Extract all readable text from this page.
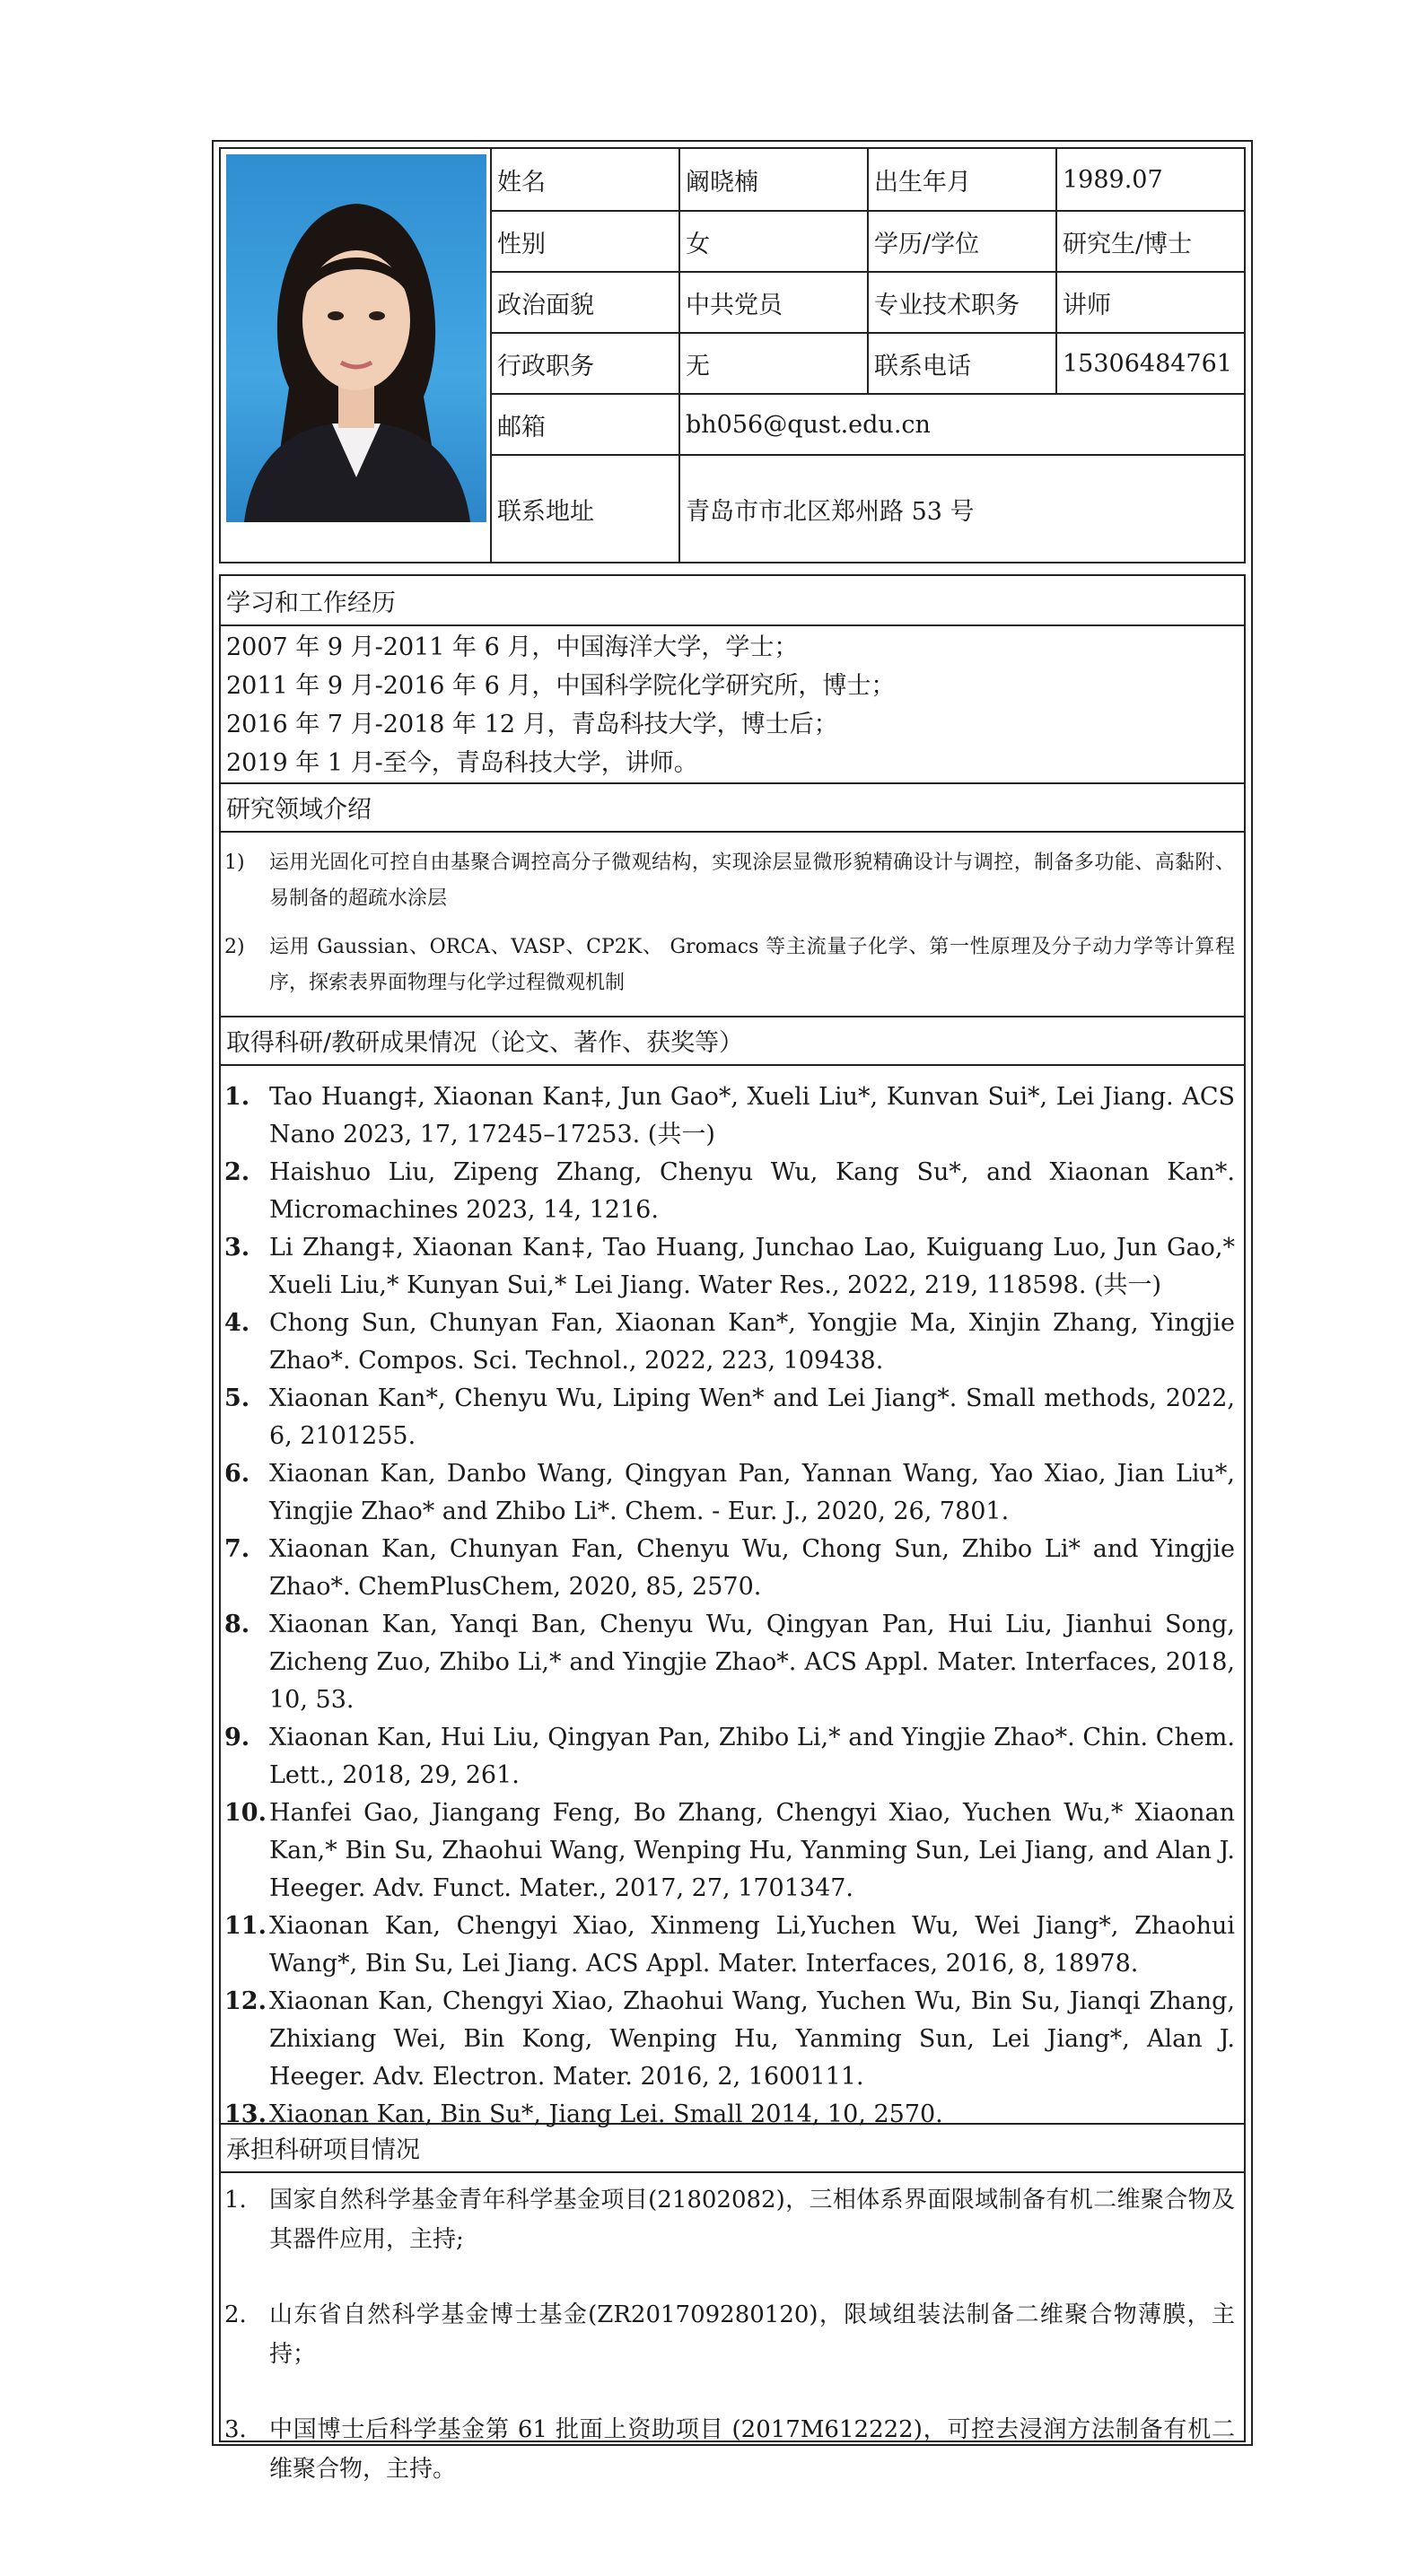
姓名	阚晓楠	出生年月	1989.07
性别	女	学历/学位	研究生/博士
政治面貌	中共党员	专业技术职务	讲师
行政职务	无	联系电话	15306484761
邮箱	bh056@qust.edu.cn
联系地址	青岛市市北区郑州路 53 号
学习和工作经历
2007 年 9 月-2011 年 6 月，中国海洋大学，学士；
2011 年 9 月-2016 年 6 月，中国科学院化学研究所，博士；
2016 年 7 月-2018 年 12 月，青岛科技大学，博士后；
2019 年 1 月-至今，青岛科技大学，讲师。
研究领域介绍
1) 运用光固化可控自由基聚合调控高分子微观结构，实现涂层显微形貌精确设计与调控，制备多功能、高黏附、易制备的超疏水涂层
2) 运用 Gaussian、ORCA、VASP、CP2K、 Gromacs 等主流量子化学、第一性原理及分子动力学等计算程序，探索表界面物理与化学过程微观机制
取得科研/教研成果情况（论文、著作、获奖等）
1. Tao Huang‡, Xiaonan Kan‡, Jun Gao*, Xueli Liu*, Kunvan Sui*, Lei Jiang. ACS Nano 2023, 17, 17245–17253. (共一)
2. Haishuo Liu, Zipeng Zhang, Chenyu Wu, Kang Su*, and Xiaonan Kan*. Micromachines 2023, 14, 1216.
3. Li Zhang‡, Xiaonan Kan‡, Tao Huang, Junchao Lao, Kuiguang Luo, Jun Gao,* Xueli Liu,* Kunyan Sui,* Lei Jiang. Water Res., 2022, 219, 118598. (共一)
4. Chong Sun, Chunyan Fan, Xiaonan Kan*, Yongjie Ma, Xinjin Zhang, Yingjie Zhao*. Compos. Sci. Technol., 2022, 223, 109438.
5. Xiaonan Kan*, Chenyu Wu, Liping Wen* and Lei Jiang*. Small methods, 2022, 6, 2101255.
6. Xiaonan Kan, Danbo Wang, Qingyan Pan, Yannan Wang, Yao Xiao, Jian Liu*, Yingjie Zhao* and Zhibo Li*. Chem. - Eur. J., 2020, 26, 7801.
7. Xiaonan Kan, Chunyan Fan, Chenyu Wu, Chong Sun, Zhibo Li* and Yingjie Zhao*. ChemPlusChem, 2020, 85, 2570.
8. Xiaonan Kan, Yanqi Ban, Chenyu Wu, Qingyan Pan, Hui Liu, Jianhui Song, Zicheng Zuo, Zhibo Li,* and Yingjie Zhao*. ACS Appl. Mater. Interfaces, 2018, 10, 53.
9. Xiaonan Kan, Hui Liu, Qingyan Pan, Zhibo Li,* and Yingjie Zhao*. Chin. Chem. Lett., 2018, 29, 261.
10. Hanfei Gao, Jiangang Feng, Bo Zhang, Chengyi Xiao, Yuchen Wu,* Xiaonan Kan,* Bin Su, Zhaohui Wang, Wenping Hu, Yanming Sun, Lei Jiang, and Alan J. Heeger. Adv. Funct. Mater., 2017, 27, 1701347.
11. Xiaonan Kan, Chengyi Xiao, Xinmeng Li,Yuchen Wu, Wei Jiang*, Zhaohui Wang*, Bin Su, Lei Jiang. ACS Appl. Mater. Interfaces, 2016, 8, 18978.
12. Xiaonan Kan, Chengyi Xiao, Zhaohui Wang, Yuchen Wu, Bin Su, Jianqi Zhang, Zhixiang Wei, Bin Kong, Wenping Hu, Yanming Sun, Lei Jiang*, Alan J. Heeger. Adv. Electron. Mater. 2016, 2, 1600111.
13. Xiaonan Kan, Bin Su*, Jiang Lei. Small 2014, 10, 2570.
承担科研项目情况
1. 国家自然科学基金青年科学基金项目(21802082)，三相体系界面限域制备有机二维聚合物及其器件应用，主持;
2. 山东省自然科学基金博士基金(ZR201709280120)，限域组装法制备二维聚合物薄膜，主持；
3. 中国博士后科学基金第 61 批面上资助项目 (2017M612222)，可控去浸润方法制备有机二维聚合物，主持。
